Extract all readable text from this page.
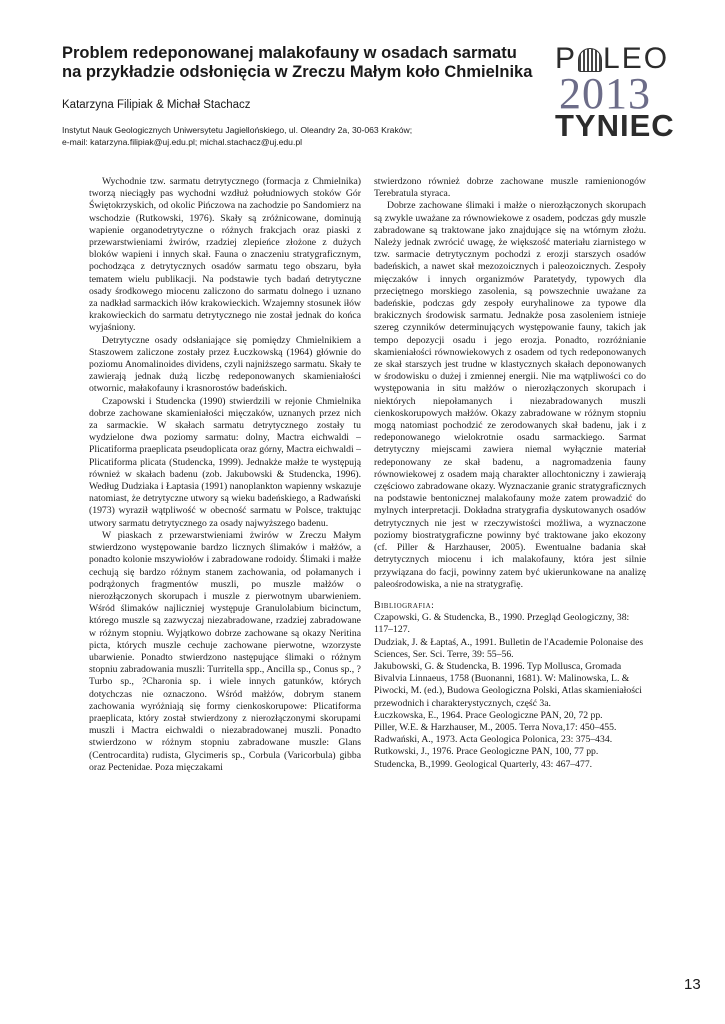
Problem redeponowanej malakofauny w osadach sarmatu
na przykładzie odsłonięcia w Zreczu Małym koło Chmielnika P LEO
2013
TYNIEC
Katarzyna Filipiak & Michał Stachacz
Instytut Nauk Geologicznych Uniwersytetu Jagiellońskiego, ul. Oleandry 2a, 30-063 Kraków;
e-mail: katarzyna.filipiak@uj.edu.pl; michal.stachacz@uj.edu.pl

Wychodnie tzw. sarmatu detrytycznego (formacja z Chmielnika) tworzą nieciągły pas wychodni wzdłuż południowych stoków Gór Świętokrzyskich, od okolic Pińczowa na zachodzie po Sandomierz na wschodzie (Rutkowski, 1976). Skały są zróżnicowane, dominują wapienie organodetrytyczne o różnych frakcjach oraz piaski z przewarstwieniami żwirów, rzadziej zlepieńce złożone z dużych bloków wapieni i innych skał. Fauna o znaczeniu stratygraficznym, pochodząca z detrytycznych osadów sarmatu tego obszaru, była tematem wielu publikacji. Na podstawie tych badań detrytyczne osady środkowego miocenu zaliczono do sarmatu dolnego i uznano za nadkład sarmackich iłów krakowieckich. Wzajemny stosunek iłów krakowieckich do sarmatu detrytycznego nie został jednak do końca wyjaśniony.

Detrytyczne osady odsłaniające się pomiędzy Chmielnikiem a Staszowem zaliczone zostały przez Łuczkowską (1964) głównie do poziomu Anomalinoides dividens, czyli najniższego sarmatu. Skały te zawierają jednak dużą liczbę redeponowanych skamieniałości otwornic, małakofauny i krasnorostów badeńskich.

Czapowski i Studencka (1990) stwierdzili w rejonie Chmielnika dobrze zachowane skamieniałości mięczaków, uznanych przez nich za sarmackie. W skałach sarmatu detrytycznego zostały tu wydzielone dwa poziomy sarmatu: dolny, Mactra eichwaldi – Plicatiforma praeplicata pseudoplicata oraz górny, Mactra eichwaldi – Plicatiforma plicata (Studencka, 1999). Jednakże małże te występują również w skałach badenu (zob. Jakubowski & Studencka, 1996). Według Dudziaka i Łaptasia (1991) nanoplankton wapienny wskazuje natomiast, że detrytyczne utwory są wieku badeńskiego, a Radwański (1973) wyraził wątpliwość w obecność sarmatu w Polsce, traktując utwory sarmatu detrytycznego za osady najwyższego badenu.

W piaskach z przewarstwieniami żwirów w Zreczu Małym stwierdzono występowanie bardzo licznych ślimaków i małżów, a ponadto kolonie mszywiołów i zabradowane rodoidy. Ślimaki i małże cechują się bardzo różnym stanem zachowania, od połamanych i podrążonych fragmentów muszli, po muszle małżów o nierozłączonych skorupach i muszle z pierwotnym ubarwieniem. Wśród ślimaków najliczniej występuje Granulolabium bicinctum, którego muszle są zazwyczaj niezabradowane, rzadziej zabradowane w różnym stopniu. Wyjątkowo dobrze zachowane są okazy Neritina picta, których muszle cechuje zachowane pierwotne, wzorzyste ubarwienie. Ponadto stwierdzono następujące ślimaki o różnym stopniu zabradowania muszli: Turritella spp., Ancilla sp., Conus sp., ?Turbo sp., ?Charonia sp. i wiele innych gatunków, których dotychczas nie oznaczono. Wśród małżów, dobrym stanem zachowania wyróżniają się formy cienkoskorupowe: Plicatiforma praeplicata, który został stwierdzony z nierozłączonymi skorupami muszli i Mactra eichwaldi o niezabradowanej muszli. Ponadto stwierdzono w różnym stopniu zabradowane muszle: Glans (Centrocardita) rudista, Glycimeris sp., Corbula (Varicorbula) gibba oraz Pectenidae. Poza mięczakami

stwierdzono również dobrze zachowane muszle ramienionogów Terebratula styraca.

Dobrze zachowane ślimaki i małże o nierozłączonych skorupach są zwykle uważane za równowiekowe z osadem, podczas gdy muszle zabradowane są traktowane jako znajdujące się na wtórnym złożu. Należy jednak zwrócić uwagę, że większość materiału ziarnistego w tzw. sarmacie detrytycznym pochodzi z erozji starszych osadów badeńskich, a nawet skał mezozoicznych i paleozoicznych. Zespoły mięczaków i innych organizmów Paratetydy, typowych dla przeciętnego morskiego zasolenia, są powszechnie uważane za badeńskie, podczas gdy zespoły euryhalinowe za typowe dla brakicznych środowisk sarmatu. Jednakże posa zasoleniem istnieje szereg czynników determinujących występowanie fauny, takich jak tempo depozycji osadu i jego erozja. Ponadto, rozróżnianie skamieniałości równowiekowych z osadem od tych redeponowanych ze skał starszych jest trudne w klastycznych skałach deponowanych w środowisku o dużej i zmiennej energii. Nie ma wątpliwości co do występowania in situ małżów o nierozłączonych skorupach i niektórych niepołamanych i niezabradowanych muszli cienkoskorupowych małżów. Okazy zabradowane w różnym stopniu mogą natomiast pochodzić ze zerodowanych skał badenu, jak i z redeponowanego wielokrotnie osadu sarmackiego. Sarmat detrytyczny miejscami zawiera niemal wyłącznie materiał redeponowany ze skał badenu, a nagromadzenia fauny równowiekowej z osadem mają charakter allochtoniczny i zawierają częściowo zabradowane okazy. Wyznaczanie granic stratygraficznych na podstawie bentonicznej malakofauny może zatem prowadzić do mylnych interpretacji. Dokładna stratygrafia dyskutowanych osadów detrytycznych nie jest w rzeczywistości możliwa, a wyznaczone poziomy biostratygraficzne powinny być traktowane jako ekozony (cf. Piller & Harzhauser, 2005). Ewentualne badania skał detrytycznych miocenu i ich malakofauny, która jest silnie przywiązana do facji, powinny zatem być ukierunkowane na analizę paleośrodowiska, a nie na stratygrafię.

Bibliografia:
Czapowski, G. & Studencka, B., 1990. Przegląd Geologiczny, 38: 117–127.
Dudziak, J. & Łaptaś, A., 1991. Bulletin de l'Academie Polonaise des Sciences, Ser. Sci. Terre, 39: 55–56.
Jakubowski, G. & Studencka, B. 1996. Typ Mollusca, Gromada Bivalvia Linnaeus, 1758 (Buonanni, 1681). W: Malinowska, L. & Piwocki, M. (ed.), Budowa Geologiczna Polski, Atlas skamieniałości przewodnich i charakterystycznych, część 3a.
Łuczkowska, E., 1964. Prace Geologiczne PAN, 20, 72 pp.
Piller, W.E. & Harzhauser, M., 2005. Terra Nova,17: 450–455.
Radwański, A., 1973. Acta Geologica Polonica, 23: 375–434.
Rutkowski, J., 1976. Prace Geologiczne PAN, 100, 77 pp.
Studencka, B.,1999. Geological Quarterly, 43: 467–477.
13
